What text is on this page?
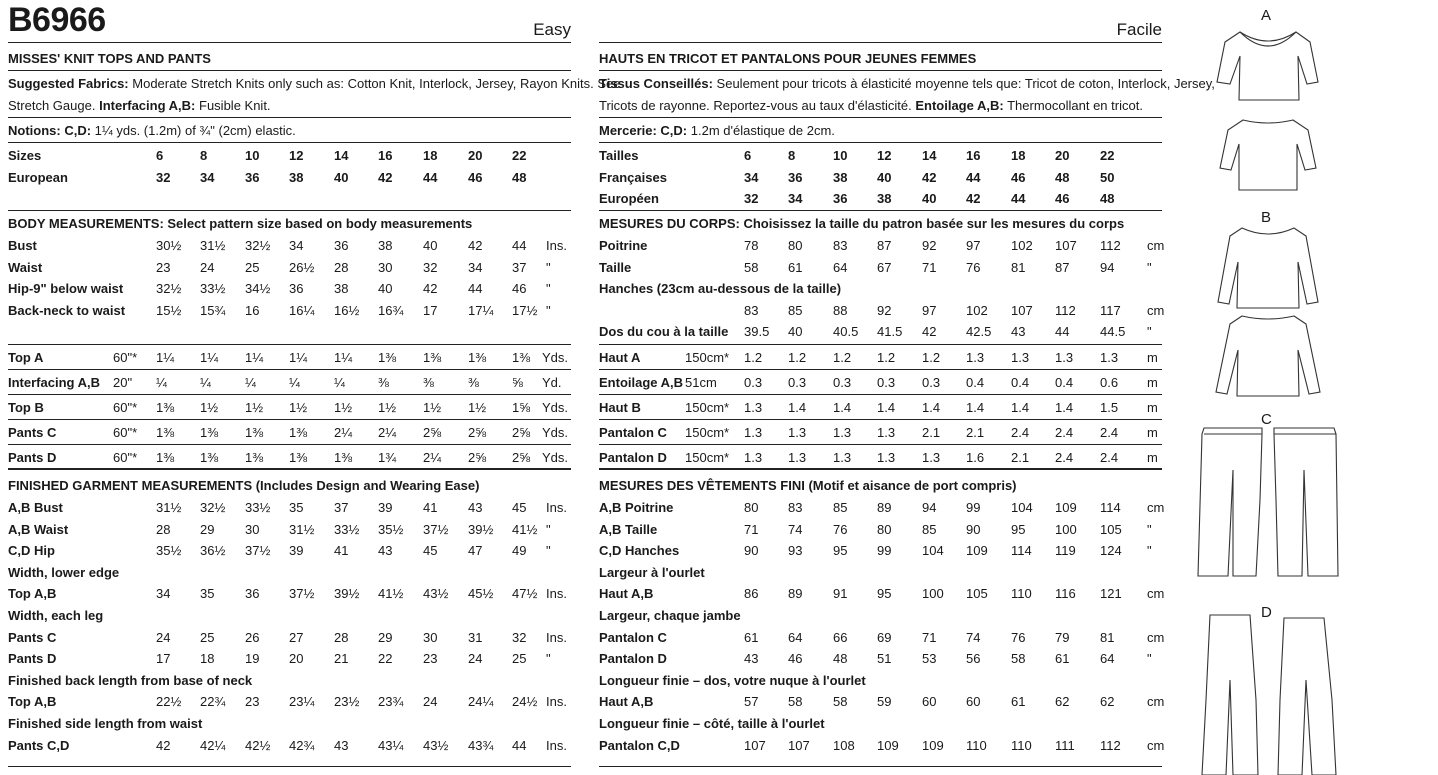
B6966	Easy
MISSES' KNIT TOPS AND PANTS
Suggested Fabrics: Moderate Stretch Knits only such as: Cotton Knit, Interlock, Jersey, Rayon Knits. See
Stretch Gauge. Interfacing A,B: Fusible Knit.
Notions: C,D: 1¼ yds. (1.2m) of ¾" (2cm) elastic.
Sizes	6	8	10 12 14 16 18 20 22
European	32 34 36 38 40 42 44 46 48
BODY MEASUREMENTS: Select pattern size based on body measurements
Bust	30½ 31½ 32½ 34 36 38 40 42 44 Ins.
Waist	23 24 25 26½ 28 30 32 34 37 "
Hip-9" below waist	32½ 33½ 34½ 36 38 40 42 44 46 "
Back-neck to waist 15½ 15¾ 16 16¼ 16½ 16¾ 17 17¼ 17½ "
Top A	60"* 1¼ 1¼ 1¼ 1¼ 1¼ 1⅜ 1⅜ 1⅜ 1⅜ Yds.
Interfacing A,B 20" ¼	¼	¼	¼	¼	⅜	⅜	⅜	⅝ Yd.
Top B	60"* 1⅜ 1½ 1½ 1½ 1½ 1½ 1½ 1½ 1⅝ Yds.
Pants C	60"* 1⅜ 1⅜ 1⅜ 1⅜ 2¼ 2¼ 2⅝ 2⅝ 2⅝ Yds.
Pants D	60"* 1⅜ 1⅜ 1⅜ 1⅜ 1⅜ 1¾ 2¼ 2⅝ 2⅝ Yds.
FINISHED GARMENT MEASUREMENTS (Includes Design and Wearing Ease)
A,B Bust	31½ 32½ 33½ 35 37 39 41 43 45 Ins.
A,B Waist	28 29 30 31½ 33½ 35½ 37½ 39½ 41½ "
C,D Hip	35½ 36½ 37½ 39 41 43 45 47 49 "
Width, lower edge
Top A,B	34 35 36 37½ 39½ 41½ 43½ 45½ 47½ Ins.
Width, each leg
Pants C	24 25 26 27 28 29 30 31 32 Ins.
Pants D	17 18 19 20 21 22 23 24 25 "
Finished back length from base of neck
Top A,B	22½ 22¾ 23 23¼ 23½ 23¾ 24 24¼ 24½ Ins.
Finished side length from waist
Pants C,D	42 42¼ 42½ 42¾ 43 43¼ 43½ 43¾ 44 Ins.
Facile
HAUTS EN TRICOT ET PANTALONS POUR JEUNES FEMMES
Tissus Conseillés: Seulement pour tricots à élasticité moyenne tels que: Tricot de coton, Interlock, Jersey,
Tricots de rayonne. Reportez-vous au taux d'élasticité. Entoilage A,B: Thermocollant en tricot.
Mercerie: C,D: 1.2m d'élastique de 2cm.
Tailles	6	8	10 12 14 16 18 20 22
Françaises	34 36 38 40 42 44 46 48 50
Européen	32 34 36 38 40 42 44 46 48
MESURES DU CORPS: Choisissez la taille du patron basée sur les mesures du corps
Poitrine	78 80 83 87 92 97 102 107 112 cm
Taille	58 61 64 67 71 76 81 87 94	"
Hanches (23cm au-dessous de la taille)
83 85 88 92 97 102 107 112 117 cm
Dos du cou à la taille 39.5 40 40.5 41.5 42 42.5 43 44 44.5 "
Haut A	150cm* 1.2 1.2 1.2 1.2 1.2 1.3 1.3 1.3 1.3 m
Entoilage A,B 51cm 0.3 0.3 0.3 0.3 0.3 0.4 0.4 0.4 0.6 m
Haut B	150cm* 1.3 1.4 1.4 1.4 1.4 1.4 1.4 1.4 1.5 m
Pantalon C 150cm* 1.3 1.3 1.3 1.3 2.1 2.1 2.4 2.4 2.4 m
Pantalon D 150cm* 1.3 1.3 1.3 1.3 1.3 1.6 2.1 2.4 2.4 m
MESURES DES VÊTEMENTS FINI (Motif et aisance de port compris)
A,B Poitrine	80 83 85 89 94 99 104 109 114 cm
A,B Taille	71 74 76 80 85 90 95 100 105 "
C,D Hanches	90 93 95 99 104 109 114 119 124 "
Largeur à l'ourlet
Haut A,B	86 89 91 95 100 105 110 116 121 cm
Largeur, chaque jambe
Pantalon C	61 64 66 69 71 74 76 79 81	cm
Pantalon D	43 46 48 51 53 56 58 61 64	"
Longueur finie – dos, votre nuque à l'ourlet
Haut A,B	57 58 58 59 60 60 61 62 62	cm
Longueur finie – côté, taille à l'ourlet
Pantalon C,D	107 107 108 109 109 110 110 111 112 cm
A
B
C
D
